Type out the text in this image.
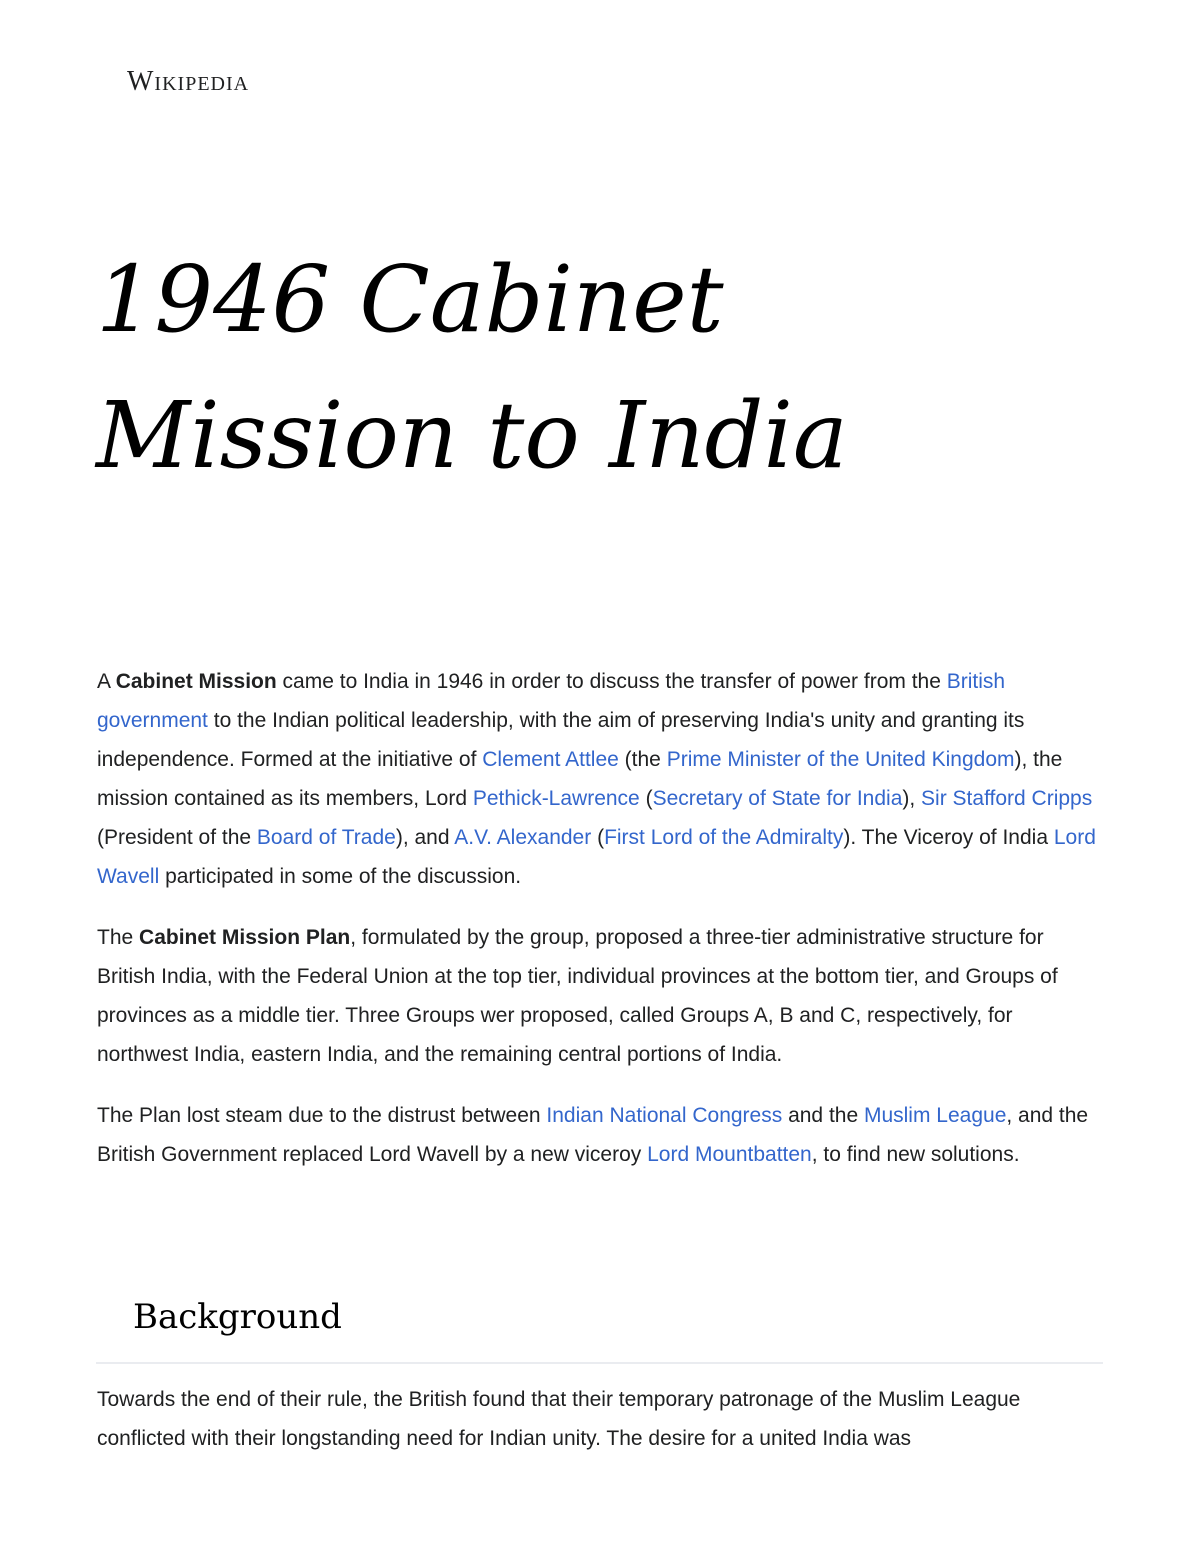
Wikipedia
1946 Cabinet
Mission to India

A Cabinet Mission came to India in 1946 in order to discuss the transfer of power from the British government to the Indian political leadership, with the aim of preserving India's unity and granting its independence. Formed at the initiative of Clement Attlee (the Prime Minister of the United Kingdom), the mission contained as its members, Lord Pethick-Lawrence (Secretary of State for India), Sir Stafford Cripps (President of the Board of Trade), and A.V. Alexander (First Lord of the Admiralty). The Viceroy of India Lord Wavell participated in some of the discussion.

The Cabinet Mission Plan, formulated by the group, proposed a three-tier administrative structure for British India, with the Federal Union at the top tier, individual provinces at the bottom tier, and Groups of provinces as a middle tier. Three Groups wer proposed, called Groups A, B and C, respectively, for northwest India, eastern India, and the remaining central portions of India.

The Plan lost steam due to the distrust between Indian National Congress and the Muslim League, and the British Government replaced Lord Wavell by a new viceroy Lord Mountbatten, to find new solutions.

Background

Towards the end of their rule, the British found that their temporary patronage of the Muslim League conflicted with their longstanding need for Indian unity. The desire for a united India was
